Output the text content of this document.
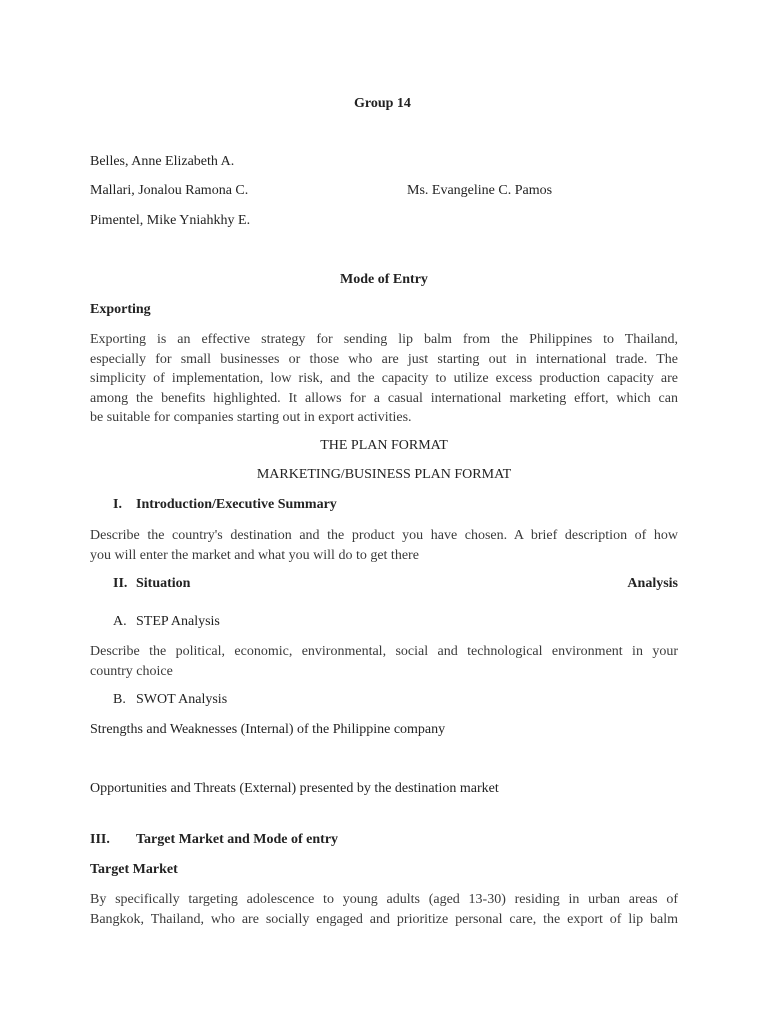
Group 14
Belles, Anne Elizabeth A.
Mallari, Jonalou Ramona C.	Ms. Evangeline C. Pamos
Pimentel, Mike Yniahkhy E.
Mode of Entry
Exporting
Exporting is an effective strategy for sending lip balm from the Philippines to Thailand,
especially for small businesses or those who are just starting out in international trade. The
simplicity of implementation, low risk, and the capacity to utilize excess production capacity are
among the benefits highlighted. It allows for a casual international marketing effort, which can
be suitable for companies starting out in export activities.
THE PLAN FORMAT
MARKETING/BUSINESS PLAN FORMAT
I. Introduction/Executive Summary
Describe the country's destination and the product you have chosen. A brief description of how
you will enter the market and what you will do to get there
II. Situation	Analysis
A. STEP Analysis
Describe the political, economic, environmental, social and technological environment in your
country choice
B. SWOT Analysis
Strengths and Weaknesses (Internal) of the Philippine company
Opportunities and Threats (External) presented by the destination market
III. Target Market and Mode of entry
Target Market
By specifically targeting adolescence to young adults (aged 13-30) residing in urban areas of
Bangkok, Thailand, who are socially engaged and prioritize personal care, the export of lip balm
